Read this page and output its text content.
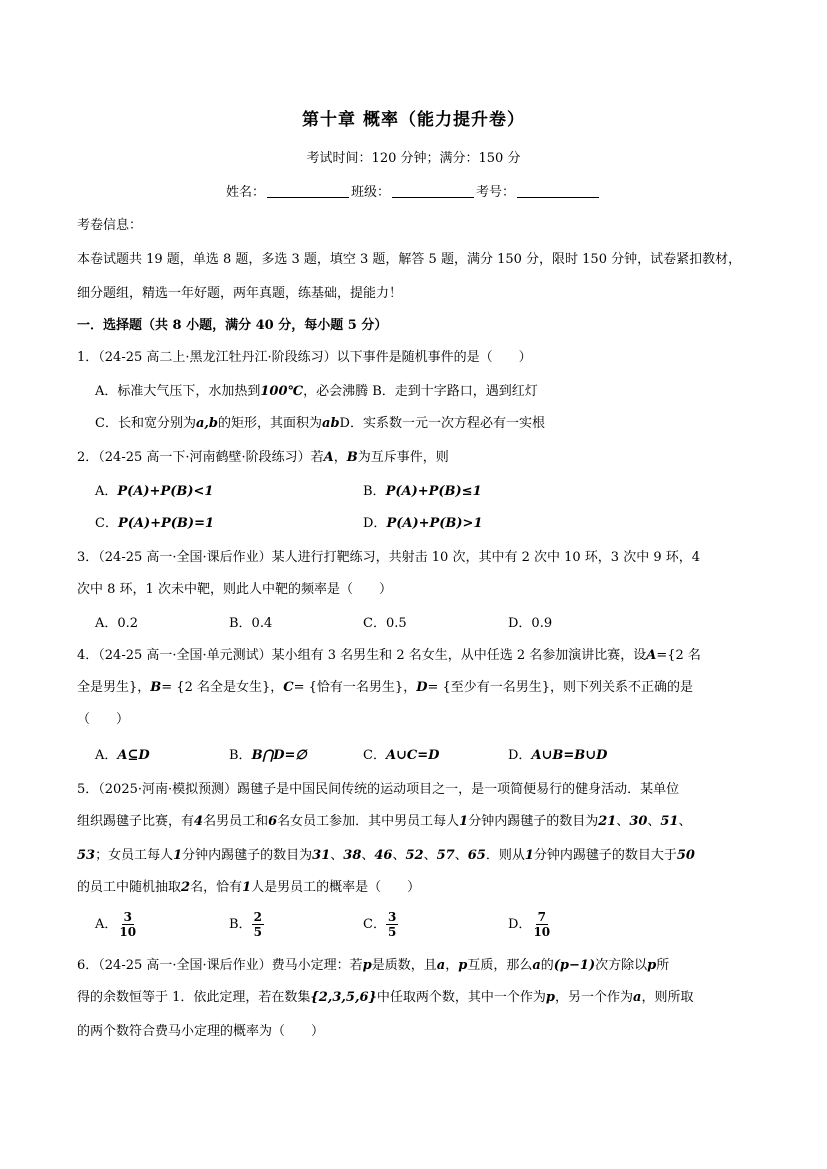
第十章 概率（能力提升卷）
考试时间：120 分钟；满分：150 分
姓名：	班级：	考号：
考卷信息：
本卷试题共 19 题，单选 8 题，多选 3 题，填空 3 题，解答 5 题，满分 150 分，限时 150 分钟，试卷紧扣教材，
细分题组，精选一年好题，两年真题，练基础，提能力！
一．选择题（共 8 小题，满分 40 分，每小题 5 分）
1．（24-25 高二上·黑龙江牡丹江·阶段练习）以下事件是随机事件的是（　　）
A．标准大气压下，水加热到100℃，必会沸腾 B．走到十字路口，遇到红灯
C．长和宽分别为a,b的矩形，其面积为abD．实系数一元一次方程必有一实根
2．（24-25 高一下·河南鹤壁·阶段练习）若A，B为互斥事件，则
A．P(A)+P(B)<1	B．P(A)+P(B)≤1
C．P(A)+P(B)=1	D．P(A)+P(B)>1
3．（24-25 高一·全国·课后作业）某人进行打靶练习，共射击 10 次，其中有 2 次中 10 环，3 次中 9 环，4
次中 8 环，1 次未中靶，则此人中靶的频率是（　　）
A．0.2	B．0.4	C．0.5	D．0.9
4．（24-25 高一·全国·单元测试）某小组有 3 名男生和 2 名女生，从中任选 2 名参加演讲比赛，设A={2 名
全是男生}，B= {2 名全是女生}，C= {恰有一名男生}，D= {至少有一名男生}，则下列关系不正确的是
（　　）
A．A⊆D	B．B⋂D=∅	C．A∪C=D	D．A∪B=B∪D
5．（2025·河南·模拟预测）踢毽子是中国民间传统的运动项目之一，是一项简便易行的健身活动．某单位
组织踢毽子比赛，有4名男员工和6名女员工参加．其中男员工每人1分钟内踢毽子的数目为21、30、51、
53；女员工每人1分钟内踢毽子的数目为31、38、46、52、57、65．则从1分钟内踢毽子的数目大于50
的员工中随机抽取2名，恰有1人是男员工的概率是（　　）
A． $\frac{3}{10}$	B． $\frac{2}{5}$	C． $\frac{3}{5}$	D． $\frac{7}{10}$
6．（24-25 高一·全国·课后作业）费马小定理：若p是质数，且a，p互质，那么a的(p−1)次方除以p所
得的余数恒等于 1．依此定理，若在数集{2,3,5,6}中任取两个数，其中一个作为p，另一个作为a，则所取
的两个数符合费马小定理的概率为（　　）
